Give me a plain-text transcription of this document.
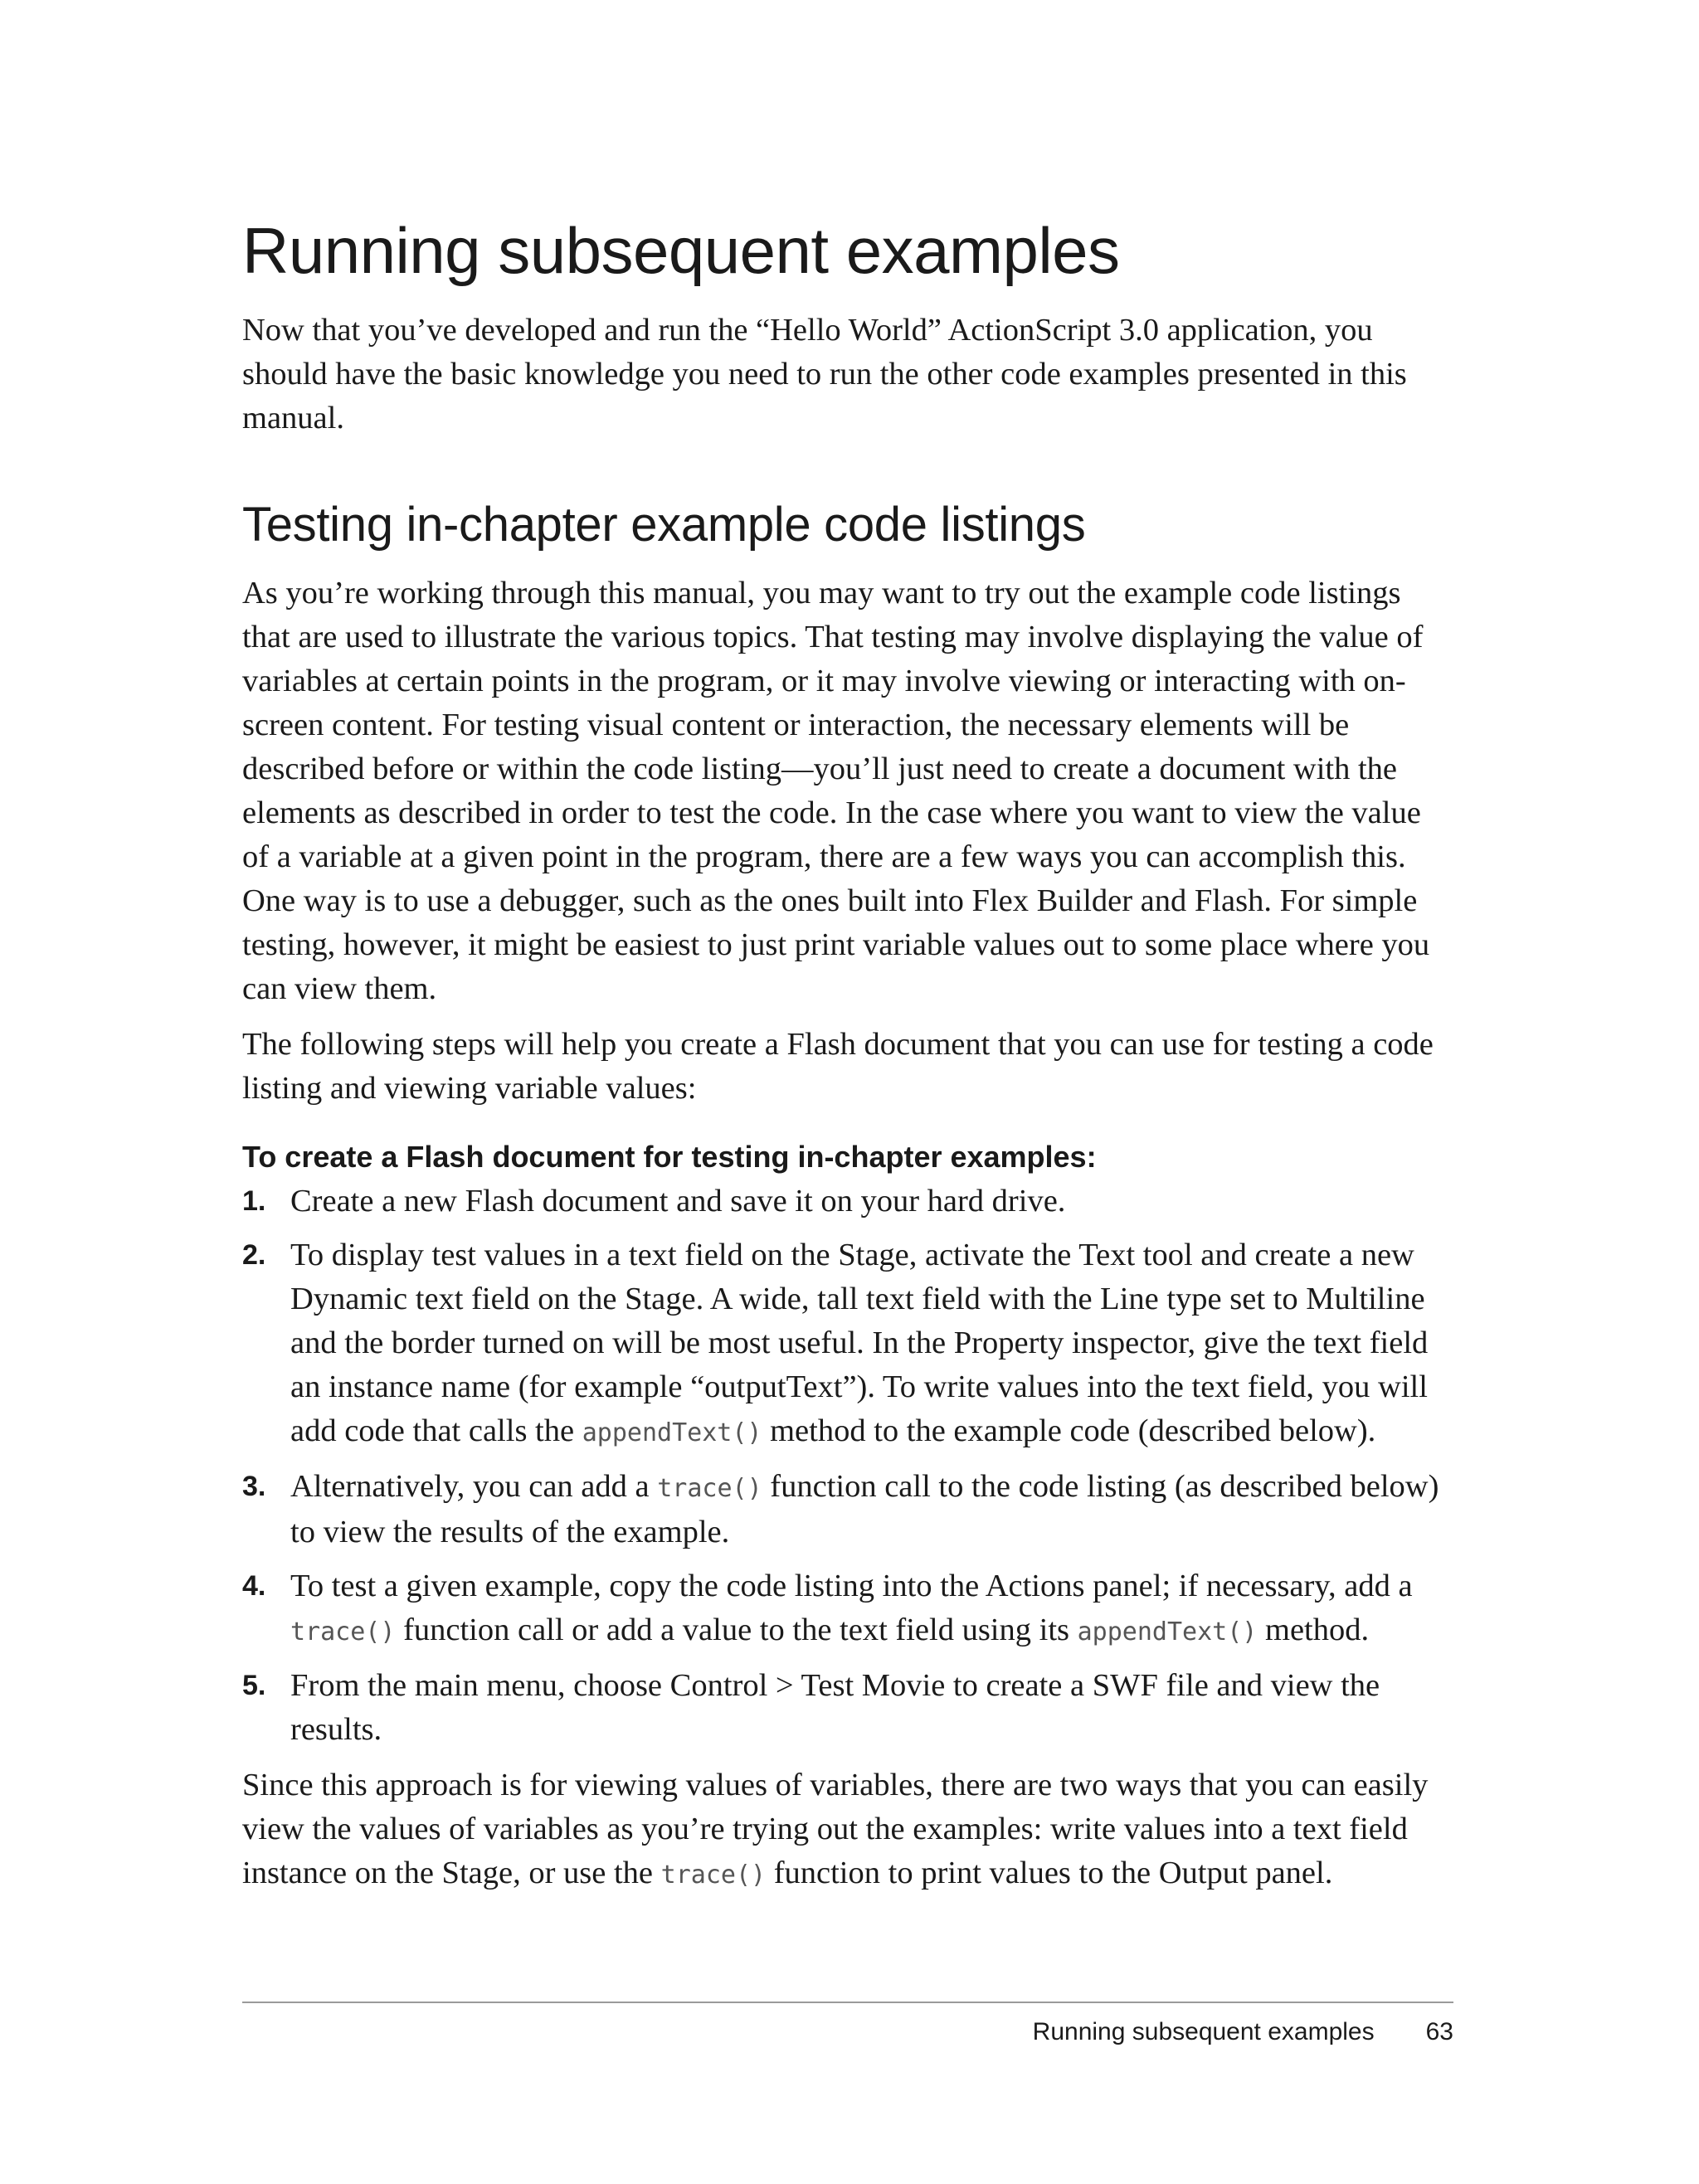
Running subsequent examples

Now that you’ve developed and run the “Hello World” ActionScript 3.0 application, you should have the basic knowledge you need to run the other code examples presented in this manual.

Testing in-chapter example code listings

As you’re working through this manual, you may want to try out the example code listings that are used to illustrate the various topics. That testing may involve displaying the value of variables at certain points in the program, or it may involve viewing or interacting with on-screen content. For testing visual content or interaction, the necessary elements will be described before or within the code listing—you’ll just need to create a document with the elements as described in order to test the code. In the case where you want to view the value of a variable at a given point in the program, there are a few ways you can accomplish this. One way is to use a debugger, such as the ones built into Flex Builder and Flash. For simple testing, however, it might be easiest to just print variable values out to some place where you can view them.

The following steps will help you create a Flash document that you can use for testing a code listing and viewing variable values:

To create a Flash document for testing in-chapter examples:
1. Create a new Flash document and save it on your hard drive.
2. To display test values in a text field on the Stage, activate the Text tool and create a new Dynamic text field on the Stage. A wide, tall text field with the Line type set to Multiline and the border turned on will be most useful. In the Property inspector, give the text field an instance name (for example “outputText”). To write values into the text field, you will add code that calls the appendText() method to the example code (described below).
3. Alternatively, you can add a trace() function call to the code listing (as described below) to view the results of the example.
4. To test a given example, copy the code listing into the Actions panel; if necessary, add a trace() function call or add a value to the text field using its appendText() method.
5. From the main menu, choose Control > Test Movie to create a SWF file and view the results.

Since this approach is for viewing values of variables, there are two ways that you can easily view the values of variables as you’re trying out the examples: write values into a text field instance on the Stage, or use the trace() function to print values to the Output panel.

Running subsequent examples 63
